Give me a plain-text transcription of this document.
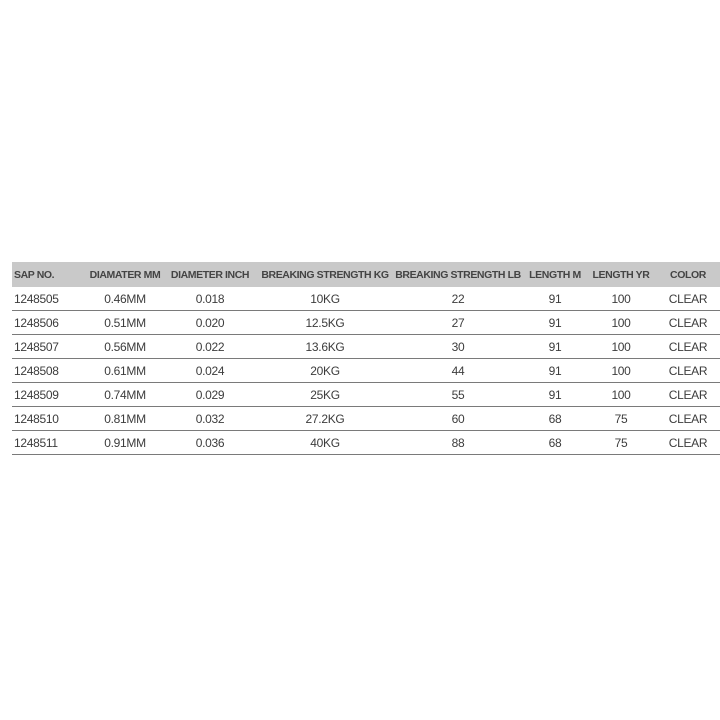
SAP NO.	DIAMATER MM	DIAMETER INCH	BREAKING STRENGTH KG	BREAKING STRENGTH LB	LENGTH M	LENGTH YR	COLOR
1248505	0.46MM	0.018	10KG	22	91	100	CLEAR
1248506	0.51MM	0.020	12.5KG	27	91	100	CLEAR
1248507	0.56MM	0.022	13.6KG	30	91	100	CLEAR
1248508	0.61MM	0.024	20KG	44	91	100	CLEAR
1248509	0.74MM	0.029	25KG	55	91	100	CLEAR
1248510	0.81MM	0.032	27.2KG	60	68	75	CLEAR
1248511	0.91MM	0.036	40KG	88	68	75	CLEAR
